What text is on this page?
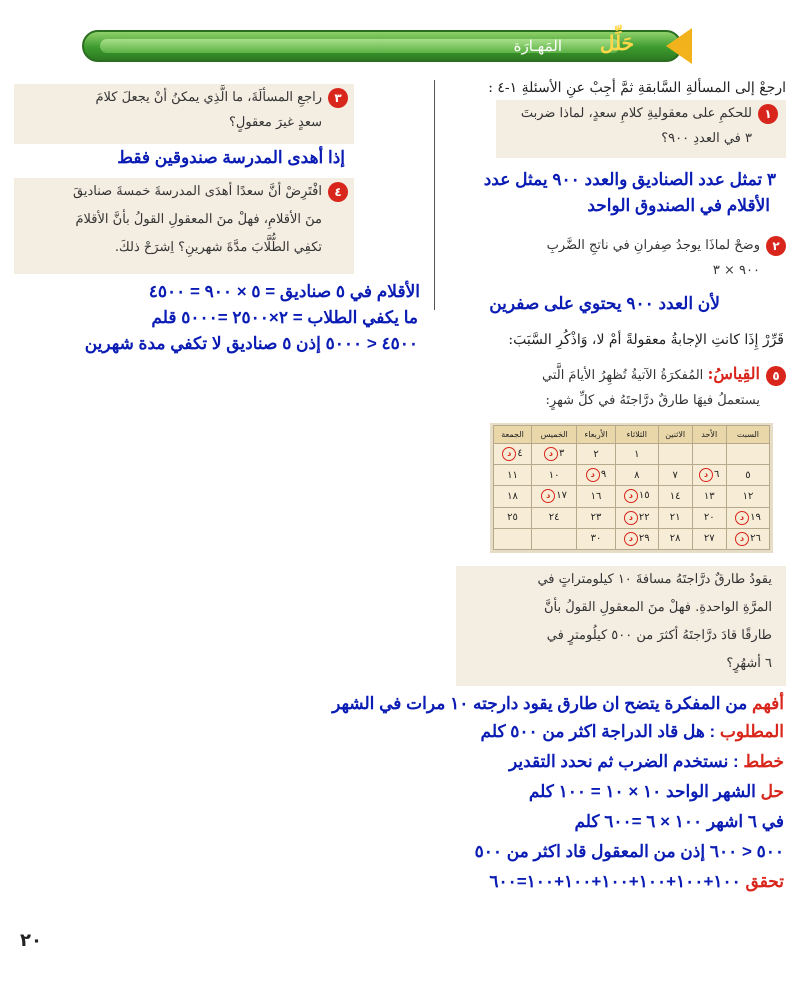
حَلِّل
المَهـارَة
ارجعْ إلى المسألةِ السَّابقةِ ثمَّ أجِبْ عنِ الأسئلةِ ١-٤ :
١للحكمِ على معقوليةِ كلامِ سعدٍ، لماذا ضربتَ
٣ في العددِ ٩٠٠؟
٣ تمثل عدد الصناديق والعدد ٩٠٠ يمثل عدد
الأقلام في الصندوق الواحد
٢وضحْ لماذَا يوجدُ صِفرانِ في ناتجِ الضَّربِ
٩٠٠ × ٣
لأن العدد ٩٠٠ يحتوي على صفرين
قَرِّرْ إِذَا كانتِ الإجابةُ معقولةً أمْ لا، وَاذْكُرِ السَّبَبَ:
٥القِياسُ: المُفكرَةُ الآتيةُ تُظهِرُ الأيامَ الَّتي
يستعملُ فيهَا طارقٌ درَّاجتَهُ في كلِّ شهرٍ:
السبت	الأحد	الاثنين	الثلاثاء	الأربعاء	الخميس	الجمعة
			١	٢	٣د	٤د
٥	٦د	٧	٨	٩د	١٠	١١
١٢	١٣	١٤	١٥د	١٦	١٧د	١٨
١٩د	٢٠	٢١	٢٢د	٢٣	٢٤	٢٥
٢٦د	٢٧	٢٨	٢٩د	٣٠		
يقودُ طارقٌ درَّاجتَهُ مسافةَ ١٠ كيلومتراتٍ في
المرَّةِ الواحدةِ. فهلْ منَ المعقولِ القولُ بأنَّ
طارقًا قادَ درَّاجتَهُ أكثرَ من ٥٠٠ كيلُومترٍ في
٦ أشهُرٍ؟
٣راجعِ المسألَةَ، ما الَّذِي يمكنُ أنْ يجعلَ كلامَ
سعدٍ غيرَ معقولٍ؟
إذا أهدى المدرسة صندوقين فقط
٤افْتَرِضْ أنَّ سعدًا أهدَى المدرسةَ خمسةَ صناديقَ
منَ الأقلامِ، فهلْ منَ المعقولِ القولُ بأنَّ الأقلامَ
تكفِي الطُّلَّابَ مدَّةَ شهرينِ؟ اِشرَحْ ذلكَ.
الأقلام في ٥ صناديق = ٥ × ٩٠٠ = ٤٥٠٠
ما يكفي الطلاب = ٢×٢٥٠٠ =٥٠٠٠ قلم
٤٥٠٠ < ٥٠٠٠ إذن ٥ صناديق لا تكفي مدة شهرين
أفهم من المفكرة يتضح ان طارق يقود دارجته ١٠ مرات في الشهر
المطلوب : هل قاد الدراجة اكثر من ٥٠٠ كلم
خطط : نستخدم الضرب ثم نحدد التقدير
حل الشهر الواحد ١٠ × ١٠ = ١٠٠ كلم
في ٦ اشهر ١٠٠ × ٦ =٦٠٠ كلم
٥٠٠ < ٦٠٠ إذن من المعقول قاد اكثر من ٥٠٠
تحقق ١٠٠+١٠٠+١٠٠+١٠٠+١٠٠+١٠٠=٦٠٠
٢٠
